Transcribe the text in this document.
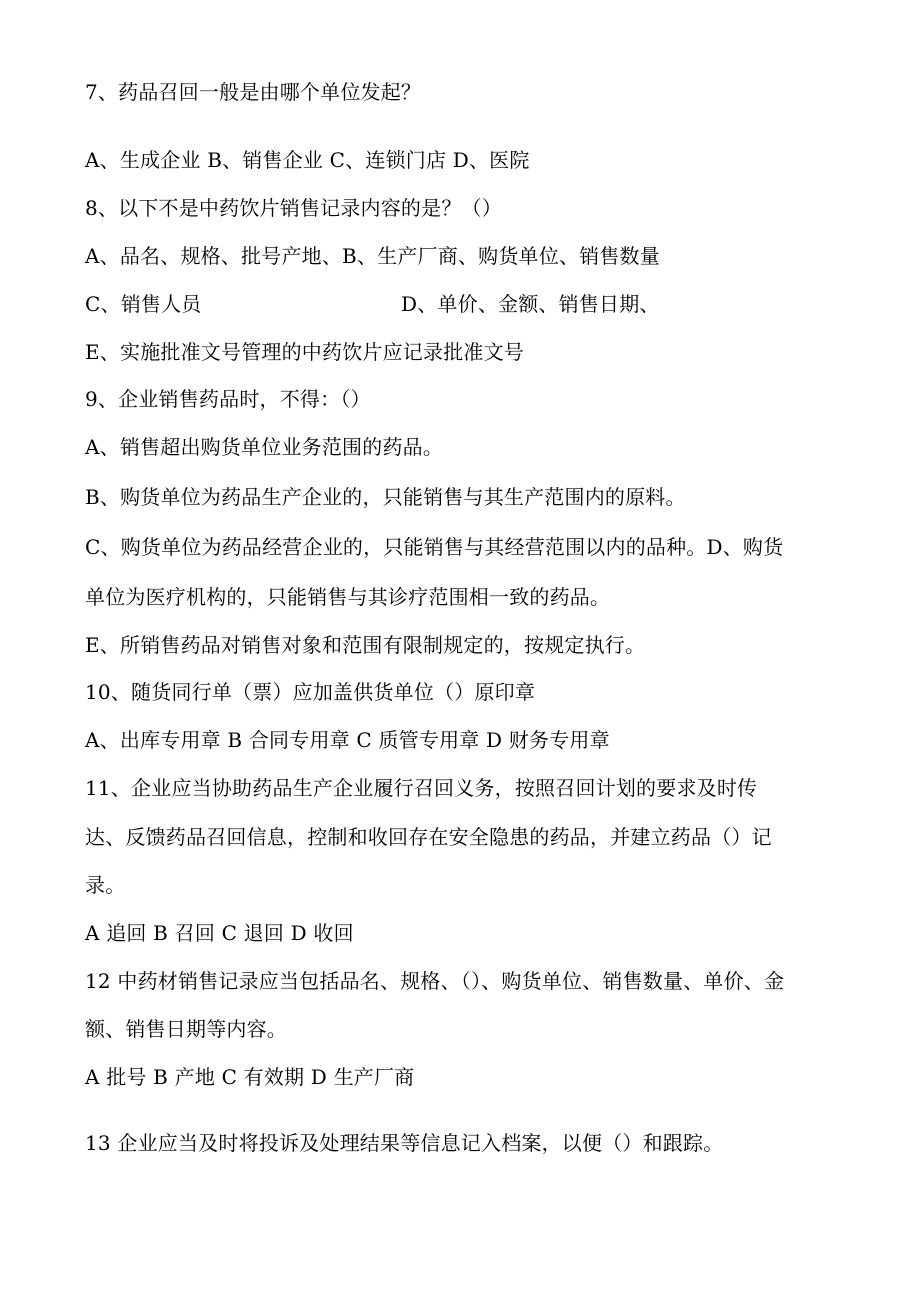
7、药品召回一般是由哪个单位发起？
A、生成企业 B、销售企业 C、连锁门店 D、医院
8、以下不是中药饮片销售记录内容的是？（）
A、品名、规格、批号产地、B、生产厂商、购货单位、销售数量
C、销售人员	D、单价、金额、销售日期、
E、实施批准文号管理的中药饮片应记录批准文号
9、企业销售药品时，不得：（）
A、销售超出购货单位业务范围的药品。
B、购货单位为药品生产企业的，只能销售与其生产范围内的原料。
C、购货单位为药品经营企业的，只能销售与其经营范围以内的品种。D、购货
单位为医疗机构的，只能销售与其诊疗范围相一致的药品。
E、所销售药品对销售对象和范围有限制规定的，按规定执行。
10、随货同行单（票）应加盖供货单位（）原印章
A、出库专用章 B 合同专用章 C 质管专用章 D 财务专用章
11、企业应当协助药品生产企业履行召回义务，按照召回计划的要求及时传
达、反馈药品召回信息，控制和收回存在安全隐患的药品，并建立药品（）记
录。
A 追回 B 召回 C 退回 D 收回
12 中药材销售记录应当包括品名、规格、（）、购货单位、销售数量、单价、金
额、销售日期等内容。
A 批号 B 产地 C 有效期 D 生产厂商
13 企业应当及时将投诉及处理结果等信息记入档案，以便（）和跟踪。
